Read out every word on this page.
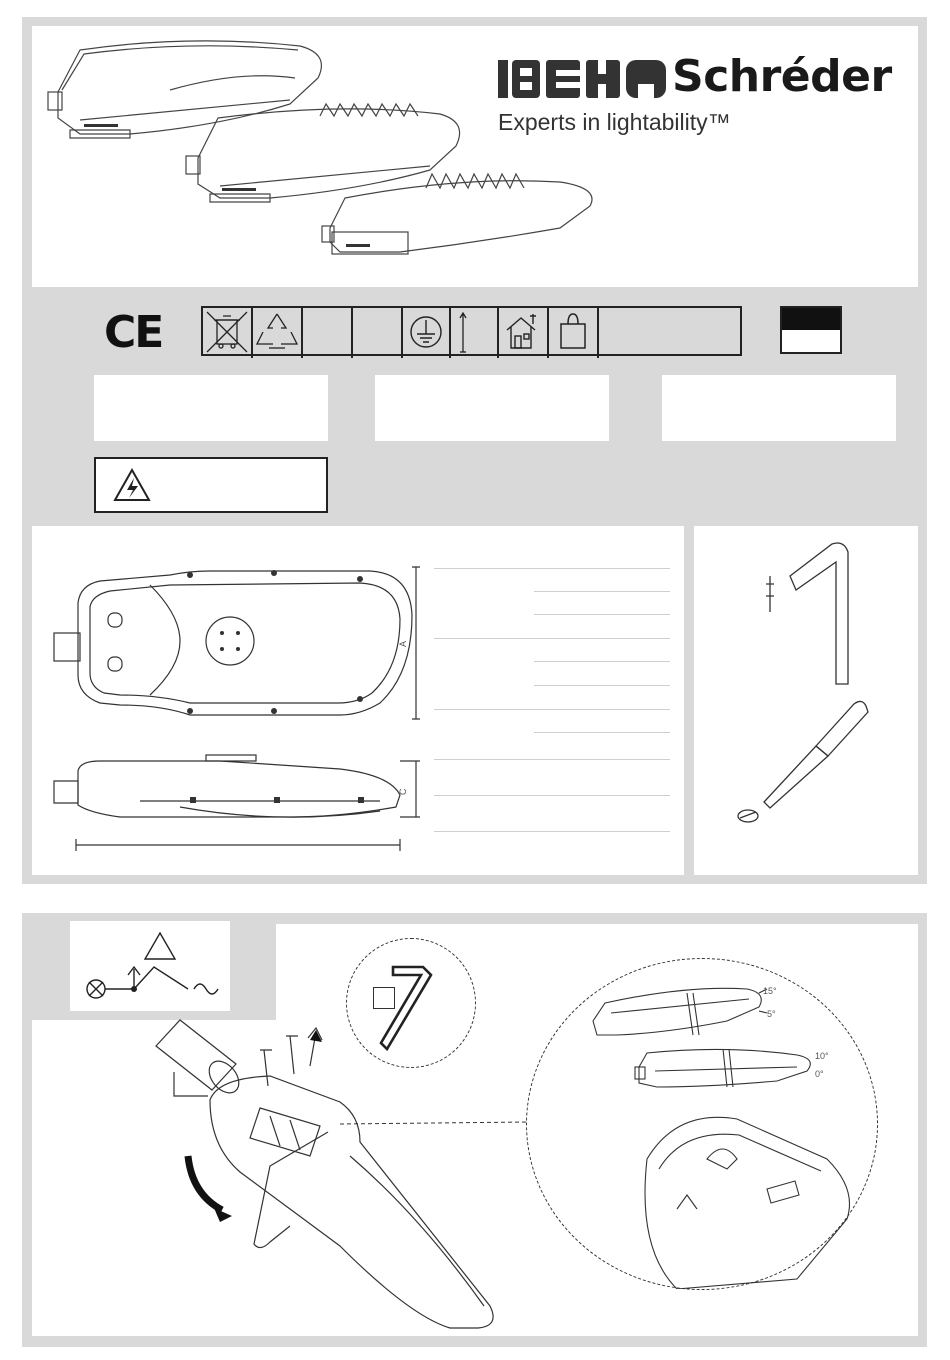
Schréder
Experts in lightability™
CE
A
C
15°
5°
10°
0°
